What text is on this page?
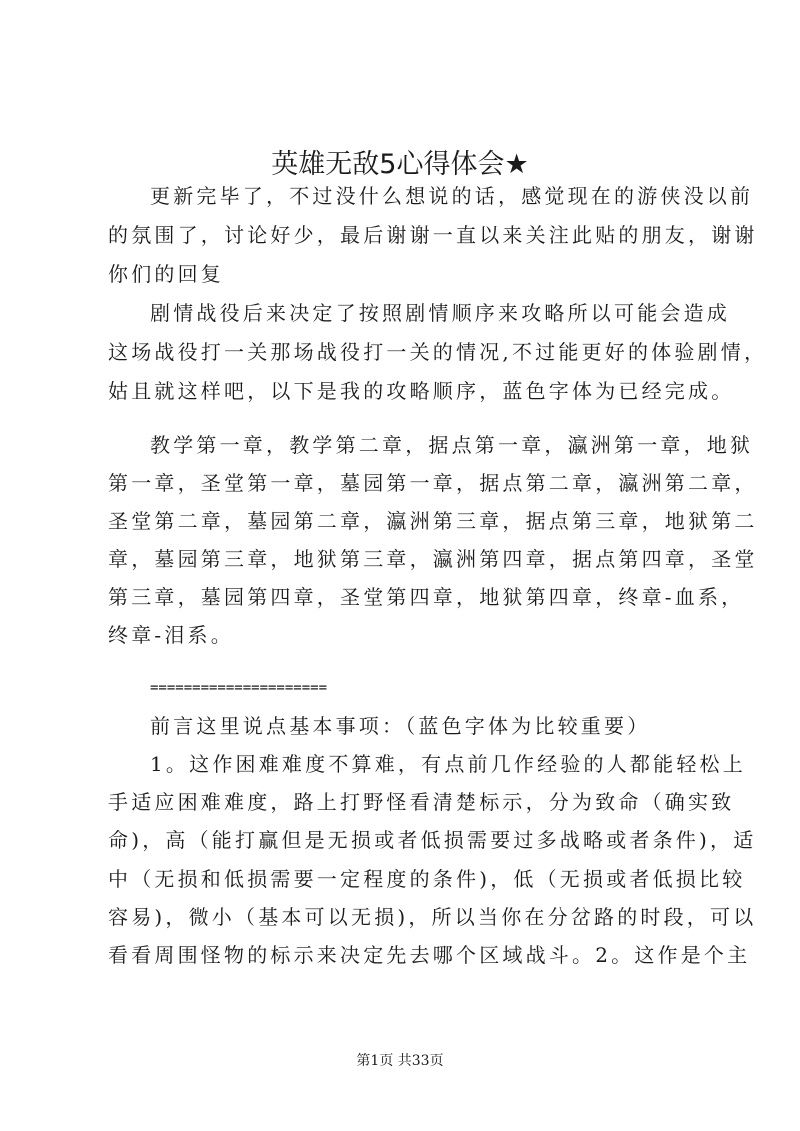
英雄无敌5心得体会★
更新完毕了，不过没什么想说的话，感觉现在的游侠没以前
的氛围了，讨论好少，最后谢谢一直以来关注此贴的朋友，谢谢
你们的回复
剧情战役后来决定了按照剧情顺序来攻略所以可能会造成
这场战役打一关那场战役打一关的情况,不过能更好的体验剧情，
姑且就这样吧，以下是我的攻略顺序，蓝色字体为已经完成。
教学第一章，教学第二章，据点第一章，瀛洲第一章，地狱
第一章，圣堂第一章，墓园第一章，据点第二章，瀛洲第二章，
圣堂第二章，墓园第二章，瀛洲第三章，据点第三章，地狱第二
章，墓园第三章，地狱第三章，瀛洲第四章，据点第四章，圣堂
第三章，墓园第四章，圣堂第四章，地狱第四章，终章-血系，
终章-泪系。
=====================
前言这里说点基本事项：（蓝色字体为比较重要）
1。这作困难难度不算难，有点前几作经验的人都能轻松上
手适应困难难度，路上打野怪看清楚标示，分为致命（确实致
命)，高（能打赢但是无损或者低损需要过多战略或者条件)，适
中（无损和低损需要一定程度的条件)，低（无损或者低损比较
容易)，微小（基本可以无损)，所以当你在分岔路的时段，可以
看看周围怪物的标示来决定先去哪个区域战斗。2。这作是个主
第1页 共33页
